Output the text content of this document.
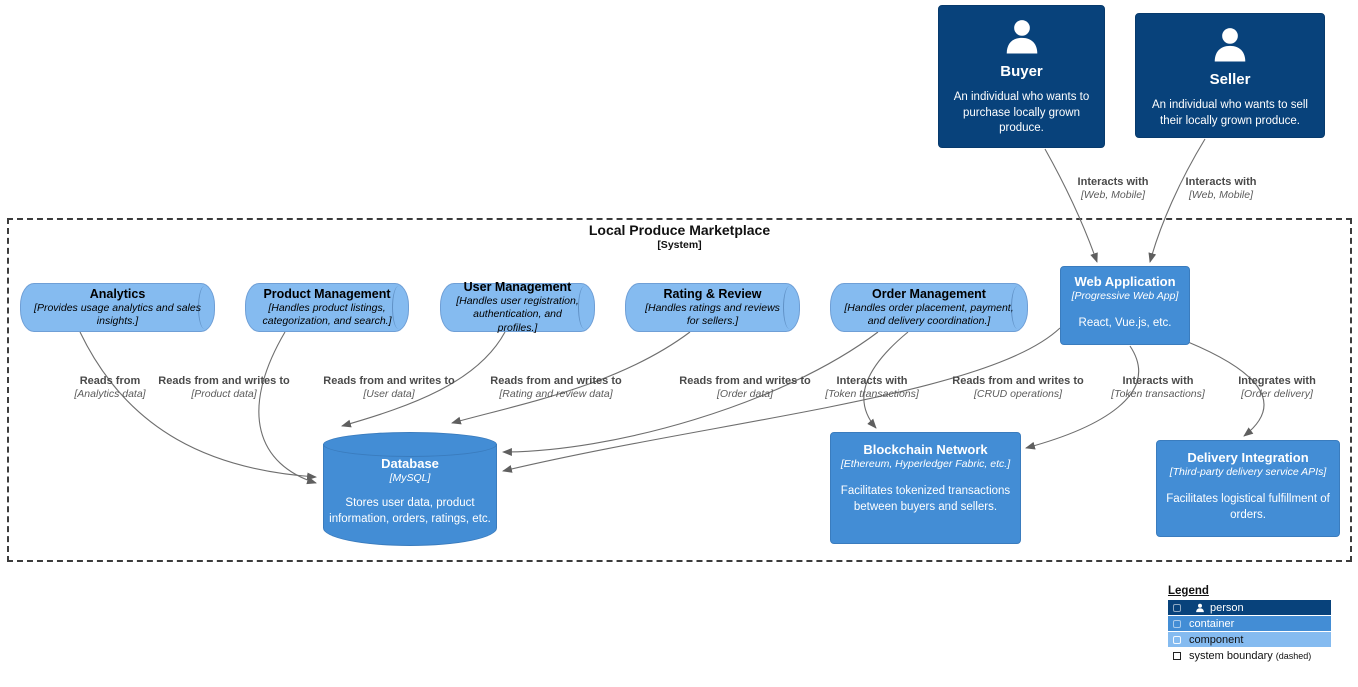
Local Produce Marketplace
[System]
Buyer
An individual who wants to purchase locally grown produce.
Seller
An individual who wants to sell their locally grown produce.
Analytics
[Provides usage analytics and sales insights.]
Product Management
[Handles product listings, categorization, and search.]
User Management
[Handles user registration, authentication, and profiles.]
Rating & Review
[Handles ratings and reviews for sellers.]
Order Management
[Handles order placement, payment, and delivery coordination.]
Web Application
[Progressive Web App]
React, Vue.js, etc.
Database
[MySQL]
Stores user data, product information, orders, ratings, etc.
Blockchain Network
[Ethereum, Hyperledger Fabric, etc.]
Facilitates tokenized transactions between buyers and sellers.
Delivery Integration
[Third-party delivery service APIs]
Facilitates logistical fulfillment of orders.
Interacts with
[Web, Mobile]
Interacts with
[Web, Mobile]
Reads from
[Analytics data]
Reads from and writes to
[Product data]
Reads from and writes to
[User data]
Reads from and writes to
[Rating and review data]
Reads from and writes to
[Order data]
Interacts with
[Token transactions]
Reads from and writes to
[CRUD operations]
Interacts with
[Token transactions]
Integrates with
[Order delivery]
Legend
person
container
component
system boundary (dashed)
